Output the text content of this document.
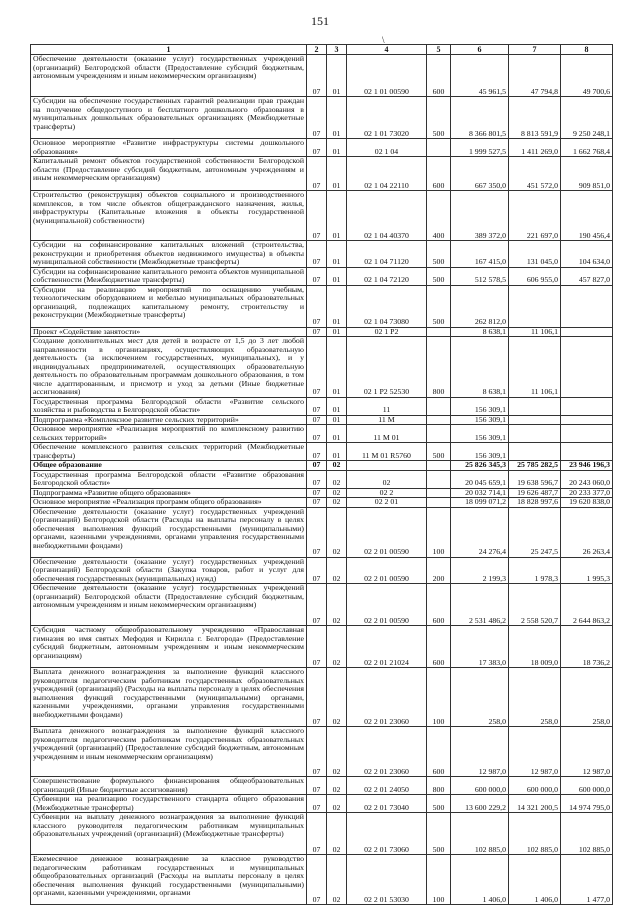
151
\
1	2	3	4	5	6	7	8
Обеспечение деятельности (оказание услуг) государственных учреждений (организаций) Белгородской области (Предоставление субсидий бюджетным, автономным учреждениям и иным некоммерческим организациям)	07	01	02 1 01 00590	600	45 961,5	47 794,8	49 700,6
Субсидии на обеспечение государственных гарантий реализации прав граждан на получение общедоступного и бесплатного дошкольного образования в муниципальных дошкольных образовательных организациях (Межбюджетные трансферты)	07	01	02 1 01 73020	500	8 366 801,5	8 813 591,9	9 250 248,1
Основное мероприятие «Развитие инфраструктуры системы дошкольного образования»	07	01	02 1 04		1 999 527,5	1 411 269,0	1 662 768,4
Капитальный ремонт объектов государственной собственности Белгородской области (Предоставление субсидий бюджетным, автономным учреждениям и иным некоммерческим организациям)	07	01	02 1 04 22110	600	667 350,0	451 572,0	909 851,0
Строительство (реконструкция) объектов социального и производственного комплексов, в том числе объектов общегражданского назначения, жилья, инфраструктуры (Капитальные вложения в объекты государственной (муниципальной) собственности)	07	01	02 1 04 40370	400	389 372,0	221 697,0	190 456,4
Субсидии на софинансирование капитальных вложений (строительства, реконструкции и приобретения объектов недвижимого имущества) в объекты муниципальной собственности (Межбюджетные трансферты)	07	01	02 1 04 71120	500	167 415,0	131 045,0	104 634,0
Субсидии на софинансирование капитального ремонта объектов муниципальной собственности (Межбюджетные трансферты)	07	01	02 1 04 72120	500	512 578,5	606 955,0	457 827,0
Субсидии на реализацию мероприятий по оснащению учебным, технологическим оборудованием и мебелью муниципальных образовательных организаций, подлежащих капитальному ремонту, строительству и реконструкции (Межбюджетные трансферты)	07	01	02 1 04 73080	500	262 812,0		
Проект «Содействие занятости»	07	01	02 1 P2		8 638,1	11 106,1	
Создание дополнительных мест для детей в возрасте от 1,5 до 3 лет любой направленности в организациях, осуществляющих образовательную деятельность (за исключением государственных, муниципальных), и у индивидуальных предпринимателей, осуществляющих образовательную деятельность по образовательным программам дошкольного образования, в том числе адаптированным, и присмотр и уход за детьми (Иные бюджетные ассигнования)	07	01	02 1 P2 52530	800	8 638,1	11 106,1	
Государственная программа Белгородской области «Развитие сельского хозяйства и рыбоводства в Белгородской области»	07	01	11		156 309,1		
Подпрограмма «Комплексное развитие сельских территорий»	07	01	11 М		156 309,1		
Основное мероприятие «Реализация мероприятий по комплексному развитию сельских территорий»	07	01	11 М 01		156 309,1		
Обеспечение комплексного развития сельских территорий (Межбюджетные трансферты)	07	01	11 М 01 R5760	500	156 309,1		
Общее образование	07	02			25 826 345,3	25 785 282,5	23 946 196,3
Государственная программа Белгородской области «Развитие образования Белгородской области»	07	02	02		20 045 659,1	19 638 596,7	20 243 060,0
Подпрограмма «Развитие общего образования»	07	02	02 2		20 032 714,1	19 626 487,7	20 233 377,0
Основное мероприятие «Реализация программ общего образования»	07	02	02 2 01		18 099 071,2	18 828 997,6	19 620 838,0
Обеспечение деятельности (оказание услуг) государственных учреждений (организаций) Белгородской области (Расходы на выплаты персоналу в целях обеспечения выполнения функций государственными (муниципальными) органами, казенными учреждениями, органами управления государственными внебюджетными фондами)	07	02	02 2 01 00590	100	24 276,4	25 247,5	26 263,4
Обеспечение деятельности (оказание услуг) государственных учреждений (организаций) Белгородской области (Закупка товаров, работ и услуг для обеспечения государственных (муниципальных) нужд)	07	02	02 2 01 00590	200	2 199,3	1 978,3	1 995,3
Обеспечение деятельности (оказание услуг) государственных учреждений (организаций) Белгородской области (Предоставление субсидий бюджетным, автономным учреждениям и иным некоммерческим организациям)	07	02	02 2 01 00590	600	2 531 486,2	2 558 520,7	2 644 863,2
Субсидия частному общеобразовательному учреждению «Православная гимназия во имя святых Мефодия и Кирилла г. Белгорода» (Предоставление субсидий бюджетным, автономным учреждениям и иным некоммерческим организациям)	07	02	02 2 01 21024	600	17 383,0	18 009,0	18 736,2
Выплата денежного вознаграждения за выполнение функций классного руководителя педагогическим работникам государственных образовательных учреждений (организаций) (Расходы на выплаты персоналу в целях обеспечения выполнения функций государственными (муниципальными) органами, казенными учреждениями, органами управления государственными внебюджетными фондами)	07	02	02 2 01 23060	100	258,0	258,0	258,0
Выплата денежного вознаграждения за выполнение функций классного руководителя педагогическим работникам государственных образовательных учреждений (организаций) (Предоставление субсидий бюджетным, автономным учреждениям и иным некоммерческим организациям)	07	02	02 2 01 23060	600	12 987,0	12 987,0	12 987,0
Совершенствование формульного финансирования общеобразовательных организаций (Иные бюджетные ассигнования)	07	02	02 2 01 24050	800	600 000,0	600 000,0	600 000,0
Субвенции на реализацию государственного стандарта общего образования (Межбюджетные трансферты)	07	02	02 2 01 73040	500	13 600 229,2	14 321 200,5	14 974 795,0
Субвенции на выплату денежного вознаграждения за выполнение функций классного руководителя педагогическим работникам муниципальных образовательных учреждений (организаций) (Межбюджетные трансферты)	07	02	02 2 01 73060	500	102 885,0	102 885,0	102 885,0
Ежемесячное денежное вознаграждение за классное руководство педагогическим работникам государственных и муниципальных общеобразовательных организаций (Расходы на выплаты персоналу в целях обеспечения выполнения функций государственными (муниципальными) органами, казенными учреждениями, органами	07	02	02 2 01 53030	100	1 406,0	1 406,0	1 477,0
